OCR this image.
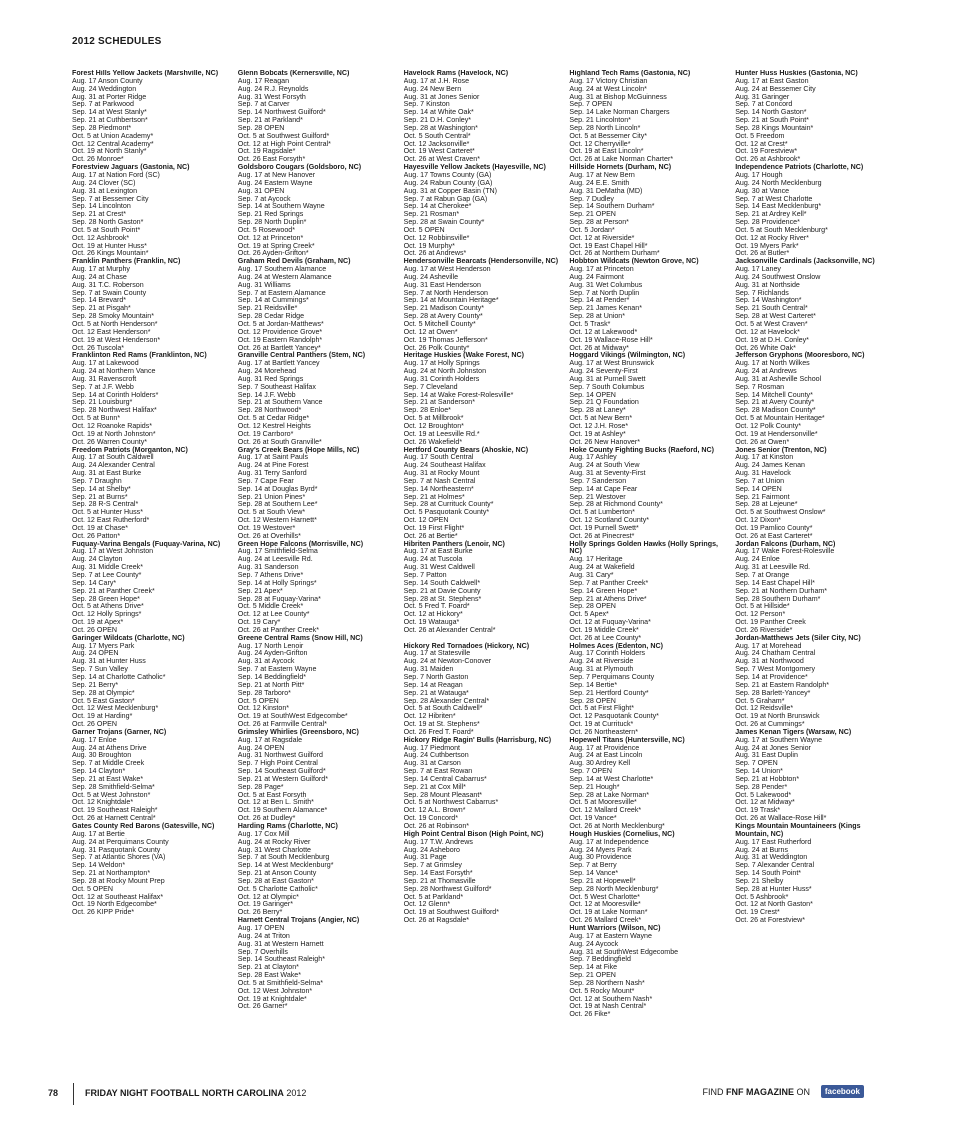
2012 SCHEDULES
Forest Hills Yellow Jackets (Marshville, NC)
Aug. 17 Anson County
Aug. 24 Weddington
Aug. 31 at Porter Ridge
Sep. 7 at Parkwood
Sep. 14 at West Stanly*
Sep. 21 at Cuthbertson*
Sep. 28 Piedmont*
Oct. 5 at Union Academy*
Oct. 12 Central Academy*
Oct. 19 at North Stanly*
Oct. 26 Monroe*
Forestview Jaguars (Gastonia, NC)
Aug. 17 at Nation Ford (SC)
Aug. 24 Clover (SC)
Aug. 31 at Lexington
Sep. 7 at Bessemer City
Sep. 14 Lincolnton
Sep. 21 at Crest*
Sep. 28 North Gaston*
Oct. 5 at South Point*
Oct. 12 Ashbrook*
Oct. 19 at Hunter Huss*
Oct. 26 Kings Mountain*
Franklin Panthers (Franklin, NC)
Aug. 17 at Murphy
Aug. 24 at Chase
Aug. 31 T.C. Roberson
Sep. 7 at Swain County
Sep. 14 Brevard*
Sep. 21 at Pisgah*
Sep. 28 Smoky Mountain*
Oct. 5 at North Henderson*
Oct. 12 East Henderson*
Oct. 19 at West Henderson*
Oct. 26 Tuscola*
Franklinton Red Rams (Franklinton, NC)
Aug. 17 at Lakewood
Aug. 24 at Northern Vance
Aug. 31 Ravenscroft
Sep. 7 at J.F. Webb
Sep. 14 at Corinth Holders*
Sep. 21 Louisburg*
Sep. 28 Northwest Halifax*
Oct. 5 at Bunn*
Oct. 12 Roanoke Rapids*
Oct. 19 at North Johnston*
Oct. 26 Warren County*
Freedom Patriots (Morganton, NC)
Aug. 17 at South Caldwell
Aug. 24 Alexander Central
Aug. 31 at East Burke
Sep. 7 Draughn
Sep. 14 at Shelby*
Sep. 21 at Burns*
Sep. 28 R-S Central*
Oct. 5 at Hunter Huss*
Oct. 12 East Rutherford*
Oct. 19 at Chase*
Oct. 26 Patton*
Fuquay-Varina Bengals (Fuquay-Varina, NC)
Aug. 17 at West Johnston
Aug. 24 Clayton
Aug. 31 Middle Creek*
Sep. 7 at Lee County*
Sep. 14 Cary*
Sep. 21 at Panther Creek*
Sep. 28 Green Hope*
Oct. 5 at Athens Drive*
Oct. 12 Holly Springs*
Oct. 19 at Apex*
Oct. 26 OPEN
Garinger Wildcats (Charlotte, NC)
Aug. 17 Myers Park
Aug. 24 OPEN
Aug. 31 at Hunter Huss
Sep. 7 Sun Valley
Sep. 14 at Charlotte Catholic*
Sep. 21 Berry*
Sep. 28 at Olympic*
Oct. 5 East Gaston*
Oct. 12 West Mecklenburg*
Oct. 19 at Harding*
Oct. 26 OPEN
Garner Trojans (Garner, NC)
Aug. 17 Enloe
Aug. 24 at Athens Drive
Aug. 30 Broughton
Sep. 7 at Middle Creek
Sep. 14 Clayton*
Sep. 21 at East Wake*
Sep. 28 Smithfield-Selma*
Oct. 5 at West Johnston*
Oct. 12 Knightdale*
Oct. 19 Southeast Raleigh*
Oct. 26 at Harnett Central*
Gates County Red Barons (Gatesville, NC)
Aug. 17 at Bertie
Aug. 24 at Perquimans County
Aug. 31 Pasquotank County
Sep. 7 at Atlantic Shores (VA)
Sep. 14 Weldon*
Sep. 21 at Northampton*
Sep. 28 at Rocky Mount Prep
Oct. 5 OPEN
Oct. 12 at Southeast Halifax*
Oct. 19 North Edgecombe*
Oct. 26 KIPP Pride*
Glenn Bobcats (Kernersville, NC)
Aug. 17 Reagan
Aug. 24 R.J. Reynolds
Aug. 31 West Forsyth
Sep. 7 at Carver
Sep. 14 Northwest Guilford*
Sep. 21 at Parkland*
Sep. 28 OPEN
Oct. 5 at Southwest Guilford*
Oct. 12 at High Point Central*
Oct. 19 Ragsdale*
Oct. 26 East Forsyth*
Goldsboro Cougars (Goldsboro, NC)
Aug. 17 at New Hanover
Aug. 24 Eastern Wayne
Aug. 31 OPEN
Sep. 7 at Aycock
Sep. 14 at Southern Wayne
Sep. 21 Red Springs
Sep. 28 North Duplin*
Oct. 5 Rosewood*
Oct. 12 at Princeton*
Oct. 19 at Spring Creek*
Oct. 26 Ayden-Grifton*
Graham Red Devils (Graham, NC)
Aug. 17 Southern Alamance
Aug. 24 at Western Alamance
Aug. 31 Williams
Sep. 7 at Eastern Alamance
Sep. 14 at Cummings*
Sep. 21 Reidsville*
Sep. 28 Cedar Ridge
Oct. 5 at Jordan-Matthews*
Oct. 12 Providence Grove*
Oct. 19 Eastern Randolph*
Oct. 26 at Bartlett Yancey*
Granville Central Panthers (Stem, NC)
Aug. 17 at Bartlett Yancey
Aug. 24 Morehead
Aug. 31 Red Springs
Sep. 7 Southeast Halifax
Sep. 14 J.F. Webb
Sep. 21 at Southern Vance
Sep. 28 Northwood*
Oct. 5 at Cedar Ridge*
Oct. 12 Kestrel Heights
Oct. 19 Carrboro*
Oct. 26 at South Granville*
Gray's Creek Bears (Hope Mills, NC)
Aug. 17 at Saint Pauls
Aug. 24 at Pine Forest
Aug. 31 Terry Sanford
Sep. 7 Cape Fear
Sep. 14 at Douglas Byrd*
Sep. 21 Union Pines*
Sep. 28 at Southern Lee*
Oct. 5 at South View*
Oct. 12 Western Harnett*
Oct. 19 Westover*
Oct. 26 at Overhills*
Green Hope Falcons (Morrisville, NC)
Aug. 17 Smithfield-Selma
Aug. 24 at Leesville Rd.
Aug. 31 Sanderson
Sep. 7 Athens Drive*
Sep. 14 at Holly Springs*
Sep. 21 Apex*
Sep. 28 at Fuquay-Varina*
Oct. 5 Middle Creek*
Oct. 12 at Lee County*
Oct. 19 Cary*
Oct. 26 at Panther Creek*
Greene Central Rams (Snow Hill, NC)
Aug. 17 North Lenoir
Aug. 24 Ayden-Grifton
Aug. 31 at Aycock
Sep. 7 at Eastern Wayne
Sep. 14 Beddingfield*
Sep. 21 at North Pitt*
Sep. 28 Tarboro*
Oct. 5 OPEN
Oct. 12 Kinston*
Oct. 19 at SouthWest Edgecombe*
Oct. 26 at Farmville Central*
Grimsley Whirlies (Greensboro, NC)
Aug. 17 at Ragsdale
Aug. 24 OPEN
Aug. 31 Northwest Guilford
Sep. 7 High Point Central
Sep. 14 Southeast Guilford*
Sep. 21 at Western Guilford*
Sep. 28 Page*
Oct. 5 at East Forsyth
Oct. 12 at Ben L. Smith*
Oct. 19 Southern Alamance*
Oct. 26 at Dudley*
Harding Rams (Charlotte, NC)
Aug. 17 Cox Mill
Aug. 24 at Rocky River
Aug. 31 West Charlotte
Sep. 7 at South Mecklenburg
Sep. 14 at West Mecklenburg*
Sep. 21 at Anson County
Sep. 28 at East Gaston*
Oct. 5 Charlotte Catholic*
Oct. 12 at Olympic*
Oct. 19 Garinger*
Oct. 26 Berry*
Harnett Central Trojans (Angier, NC)
Aug. 17 OPEN
Aug. 24 at Triton
Aug. 31 at Western Harnett
Sep. 7 Overhills
Sep. 14 Southeast Raleigh*
Sep. 21 at Clayton*
Sep. 28 East Wake*
Oct. 5 at Smithfield-Selma*
Oct. 12 West Johnston*
Oct. 19 at Knightdale*
Oct. 26 Garner*
Havelock Rams (Havelock, NC)
Aug. 17 at J.H. Rose
Aug. 24 New Bern
Aug. 31 at Jones Senior
Sep. 7 Kinston
Sep. 14 at White Oak*
Sep. 21 D.H. Conley*
Sep. 28 at Washington*
Oct. 5 South Central*
Oct. 12 Jacksonville*
Oct. 19 West Carteret*
Oct. 26 at West Craven*
Hayesville Yellow Jackets (Hayesville, NC)
Aug. 17 Towns County (GA)
Aug. 24 Rabun County (GA)
Aug. 31 at Copper Basin (TN)
Sep. 7 at Rabun Gap (GA)
Sep. 14 at Cherokee*
Sep. 21 Rosman*
Sep. 28 at Swain County*
Oct. 5 OPEN
Oct. 12 Robbinsville*
Oct. 19 Murphy*
Oct. 26 at Andrews*
Hendersonville Bearcats (Hendersonville, NC)
Aug. 17 at West Henderson
Aug. 24 Asheville
Aug. 31 East Henderson
Sep. 7 at North Henderson
Sep. 14 at Mountain Heritage*
Sep. 21 Madison County*
Sep. 28 at Avery County*
Oct. 5 Mitchell County*
Oct. 12 at Owen*
Oct. 19 Thomas Jefferson*
Oct. 26 Polk County*
Heritage Huskies (Wake Forest, NC)
Aug. 17 at Holly Springs
Aug. 24 at North Johnston
Aug. 31 Corinth Holders
Sep. 7 Cleveland
Sep. 14 at Wake Forest-Rolesville*
Sep. 21 at Sanderson*
Sep. 28 Enloe*
Oct. 5 at Millbrook*
Oct. 12 Broughton*
Oct. 19 at Leesville Rd.*
Oct. 26 Wakefield*
Hertford County Bears (Ahoskie, NC)
Aug. 17 South Central
Aug. 24 Southeast Halifax
Aug. 31 at Rocky Mount
Sep. 7 at Nash Central
Sep. 14 Northeastern*
Sep. 21 at Holmes*
Sep. 28 at Currituck County*
Oct. 5 Pasquotank County*
Oct. 12 OPEN
Oct. 19 First Flight*
Oct. 26 at Bertie*
Hibriten Panthers (Lenoir, NC)
Aug. 17 at East Burke
Aug. 24 at Tuscola
Aug. 31 West Caldwell
Sep. 7 Patton
Sep. 14 South Caldwell*
Sep. 21 at Davie County
Sep. 28 at St. Stephens*
Oct. 5 Fred T. Foard*
Oct. 12 at Hickory*
Oct. 19 Watauga*
Oct. 26 at Alexander Central*
Hickory Red Tornadoes (Hickory, NC)
Aug. 17 at Statesville
Aug. 24 at Newton-Conover
Aug. 31 Maiden
Sep. 7 North Gaston
Sep. 14 at Reagan
Sep. 21 at Watauga*
Sep. 28 Alexander Central*
Oct. 5 at South Caldwell*
Oct. 12 Hibriten*
Oct. 19 at St. Stephens*
Oct. 26 Fred T. Foard*
Hickory Ridge Ragin' Bulls (Harrisburg, NC)
Aug. 17 Piedmont
Aug. 24 Cuthbertson
Aug. 31 at Carson
Sep. 7 at East Rowan
Sep. 14 Central Cabarrus*
Sep. 21 at Cox Mill*
Sep. 28 Mount Pleasant*
Oct. 5 at Northwest Cabarrus*
Oct. 12 A.L. Brown*
Oct. 19 Concord*
Oct. 26 at Robinson*
High Point Central Bison (High Point, NC)
Aug. 17 T.W. Andrews
Aug. 24 Asheboro
Aug. 31 Page
Sep. 7 at Grimsley
Sep. 14 East Forsyth*
Sep. 21 at Thomasville
Sep. 28 Northwest Guilford*
Oct. 5 at Parkland*
Oct. 12 Glenn*
Oct. 19 at Southwest Guilford*
Oct. 26 at Ragsdale*
Highland Tech Rams (Gastonia, NC)
Aug. 17 Victory Christian
Aug. 24 at West Lincoln*
Aug. 31 at Bishop McGuinness
Sep. 7 OPEN
Sep. 14 Lake Norman Chargers
Sep. 21 Lincolnton*
Sep. 28 North Lincoln*
Oct. 5 at Bessemer City*
Oct. 12 Cherryville*
Oct. 19 at East Lincoln*
Oct. 26 at Lake Norman Charter*
Hillside Hornets (Durham, NC)
Aug. 17 at New Bern
Aug. 24 E.E. Smith
Aug. 31 DeMatha (MD)
Sep. 7 Dudley
Sep. 14 Southern Durham*
Sep. 21 OPEN
Sep. 28 at Person*
Oct. 5 Jordan*
Oct. 12 at Riverside*
Oct. 19 East Chapel Hill*
Oct. 26 at Northern Durham*
Hobbton Wildcats (Newton Grove, NC)
Aug. 17 at Princeton
Aug. 24 Fairmont
Aug. 31 Wet Columbus
Sep. 7 at North Duplin
Sep. 14 at Pender*
Sep. 21 James Kenan*
Sep. 28 at Union*
Oct. 5 Trask*
Oct. 12 at Lakewood*
Oct. 19 Wallace-Rose Hill*
Oct. 26 at Midway*
Hoggard Vikings (Wilmington, NC)
Aug. 17 at West Brunswick
Aug. 24 Seventy-First
Aug. 31 at Purnell Swett
Sep. 7 South Columbus
Sep. 14 OPEN
Sep. 21 Q Foundation
Sep. 28 at Laney*
Oct. 5 at New Bern*
Oct. 12 J.H. Rose*
Oct. 19 at Ashley*
Oct. 26 New Hanover*
Hoke County Fighting Bucks (Raeford, NC)
Aug. 17 Ashley
Aug. 24 at South View
Aug. 31 at Seventy-First
Sep. 7 Sanderson
Sep. 14 at Cape Fear
Sep. 21 Westover
Sep. 28 at Richmond County*
Oct. 5 at Lumberton*
Oct. 12 Scotland County*
Oct. 19 Purnell Swett*
Oct. 26 at Pinecrest*
Holly Springs Golden Hawks (Holly Springs, NC)
Aug. 17 Heritage
Aug. 24 at Wakefield
Aug. 31 Cary*
Sep. 7 at Panther Creek*
Sep. 14 Green Hope*
Sep. 21 at Athens Drive*
Sep. 28 OPEN
Oct. 5 Apex*
Oct. 12 at Fuquay-Varina*
Oct. 19 Middle Creek*
Oct. 26 at Lee County*
Holmes Aces (Edenton, NC)
Aug. 17 Corinth Holders
Aug. 24 at Riverside
Aug. 31 at Plymouth
Sep. 7 Perquimans County
Sep. 14 Bertie*
Sep. 21 Hertford County*
Sep. 28 OPEN
Oct. 5 at First Flight*
Oct. 12 Pasquotank County*
Oct. 19 at Currituck*
Oct. 26 Northeastern*
Hopewell Titans (Huntersville, NC)
Aug. 17 at Providence
Aug. 24 at East Lincoln
Aug. 30 Ardrey Kell
Sep. 7 OPEN
Sep. 14 at West Charlotte*
Sep. 21 Hough*
Sep. 28 at Lake Norman*
Oct. 5 at Mooresville*
Oct. 12 Mallard Creek*
Oct. 19 Vance*
Oct. 26 at North Mecklenburg*
Hough Huskies (Cornelius, NC)
Aug. 17 at Independence
Aug. 24 Myers Park
Aug. 30 Providence
Sep. 7 at Berry
Sep. 14 Vance*
Sep. 21 at Hopewell*
Sep. 28 North Mecklenburg*
Oct. 5 West Charlotte*
Oct. 12 at Mooresville*
Oct. 19 at Lake Norman*
Oct. 26 Mallard Creek*
Hunt Warriors (Wilson, NC)
Aug. 17 at Eastern Wayne
Aug. 24 Aycock
Aug. 31 at SouthWest Edgecombe
Sep. 7 Beddingfield
Sep. 14 at Fike
Sep. 21 OPEN
Sep. 28 Northern Nash*
Oct. 5 Rocky Mount*
Oct. 12 at Southern Nash*
Oct. 19 at Nash Central*
Oct. 26 Fike*
Hunter Huss Huskies (Gastonia, NC)
Aug. 17 at East Gaston
Aug. 24 at Bessemer City
Aug. 31 Garinger
Sep. 7 at Concord
Sep. 14 North Gaston*
Sep. 21 at South Point*
Sep. 28 Kings Mountain*
Oct. 5 Freedom
Oct. 12 at Crest*
Oct. 19 Forestview*
Oct. 26 at Ashbrook*
Independence Patriots (Charlotte, NC)
Aug. 17 Hough
Aug. 24 North Mecklenburg
Aug. 30 at Vance
Sep. 7 at West Charlotte
Sep. 14 East Mecklenburg*
Sep. 21 at Ardrey Kell*
Sep. 28 Providence*
Oct. 5 at South Mecklenburg*
Oct. 12 at Rocky River*
Oct. 19 Myers Park*
Oct. 26 at Butler*
Jacksonville Cardinals (Jacksonville, NC)
Aug. 17 Laney
Aug. 24 Southwest Onslow
Aug. 31 at Northside
Sep. 7 Richlands
Sep. 14 Washington*
Sep. 21 South Central*
Sep. 28 at West Carteret*
Oct. 5 at West Craven*
Oct. 12 at Havelock*
Oct. 19 at D.H. Conley*
Oct. 26 White Oak*
Jefferson Gryphons (Mooresboro, NC)
Aug. 17 at North Wilkes
Aug. 24 at Andrews
Aug. 31 at Asheville School
Sep. 7 Rosman
Sep. 14 Mitchell County*
Sep. 21 at Avery County*
Sep. 28 Madison County*
Oct. 5 at Mountain Heritage*
Oct. 12 Polk County*
Oct. 19 at Hendersonville*
Oct. 26 at Owen*
Jones Senior (Trenton, NC)
Aug. 17 at Kinston
Aug. 24 James Kenan
Aug. 31 Havelock
Sep. 7 at Union
Sep. 14 OPEN
Sep. 21 Fairmont
Sep. 28 at Lejeune*
Oct. 5 at Southwest Onslow*
Oct. 12 Dixon*
Oct. 19 Pamlico County*
Oct. 26 at East Carteret*
Jordan Falcons (Durham, NC)
Aug. 17 Wake Forest-Rolesville
Aug. 24 Enloe
Aug. 31 at Leesville Rd.
Sep. 7 at Orange
Sep. 14 East Chapel Hill*
Sep. 21 at Northern Durham*
Sep. 28 Southern Durham*
Oct. 5 at Hillside*
Oct. 12 Person*
Oct. 19 Panther Creek
Oct. 26 Riverside*
Jordan-Matthews Jets (Siler City, NC)
Aug. 17 at Morehead
Aug. 24 Chatham Central
Aug. 31 at Northwood
Sep. 7 West Montgomery
Sep. 14 at Providence*
Sep. 21 at Eastern Randolph*
Sep. 28 Barlett-Yancey*
Oct. 5 Graham*
Oct. 12 Reidsville*
Oct. 19 at North Brunswick
Oct. 26 at Cummings*
James Kenan Tigers (Warsaw, NC)
Aug. 17 at Southern Wayne
Aug. 24 at Jones Senior
Aug. 31 East Duplin
Sep. 7 OPEN
Sep. 14 Union*
Sep. 21 at Hobbton*
Sep. 28 Pender*
Oct. 5 Lakewood*
Oct. 12 at Midway*
Oct. 19 Trask*
Oct. 26 at Wallace-Rose Hill*
Kings Mountain Mountaineers (Kings Mountain, NC)
Aug. 17 East Rutherford
Aug. 24 at Burns
Aug. 31 at Weddington
Sep. 7 Alexander Central
Sep. 14 South Point*
Sep. 21 Shelby
Sep. 28 at Hunter Huss*
Oct. 5 Ashbrook*
Oct. 12 at North Gaston*
Oct. 19 Crest*
Oct. 26 at Forestview*
78	FRIDAY NIGHT FOOTBALL NORTH CAROLINA 2012	FIND FNF MAGAZINE ON	facebook
